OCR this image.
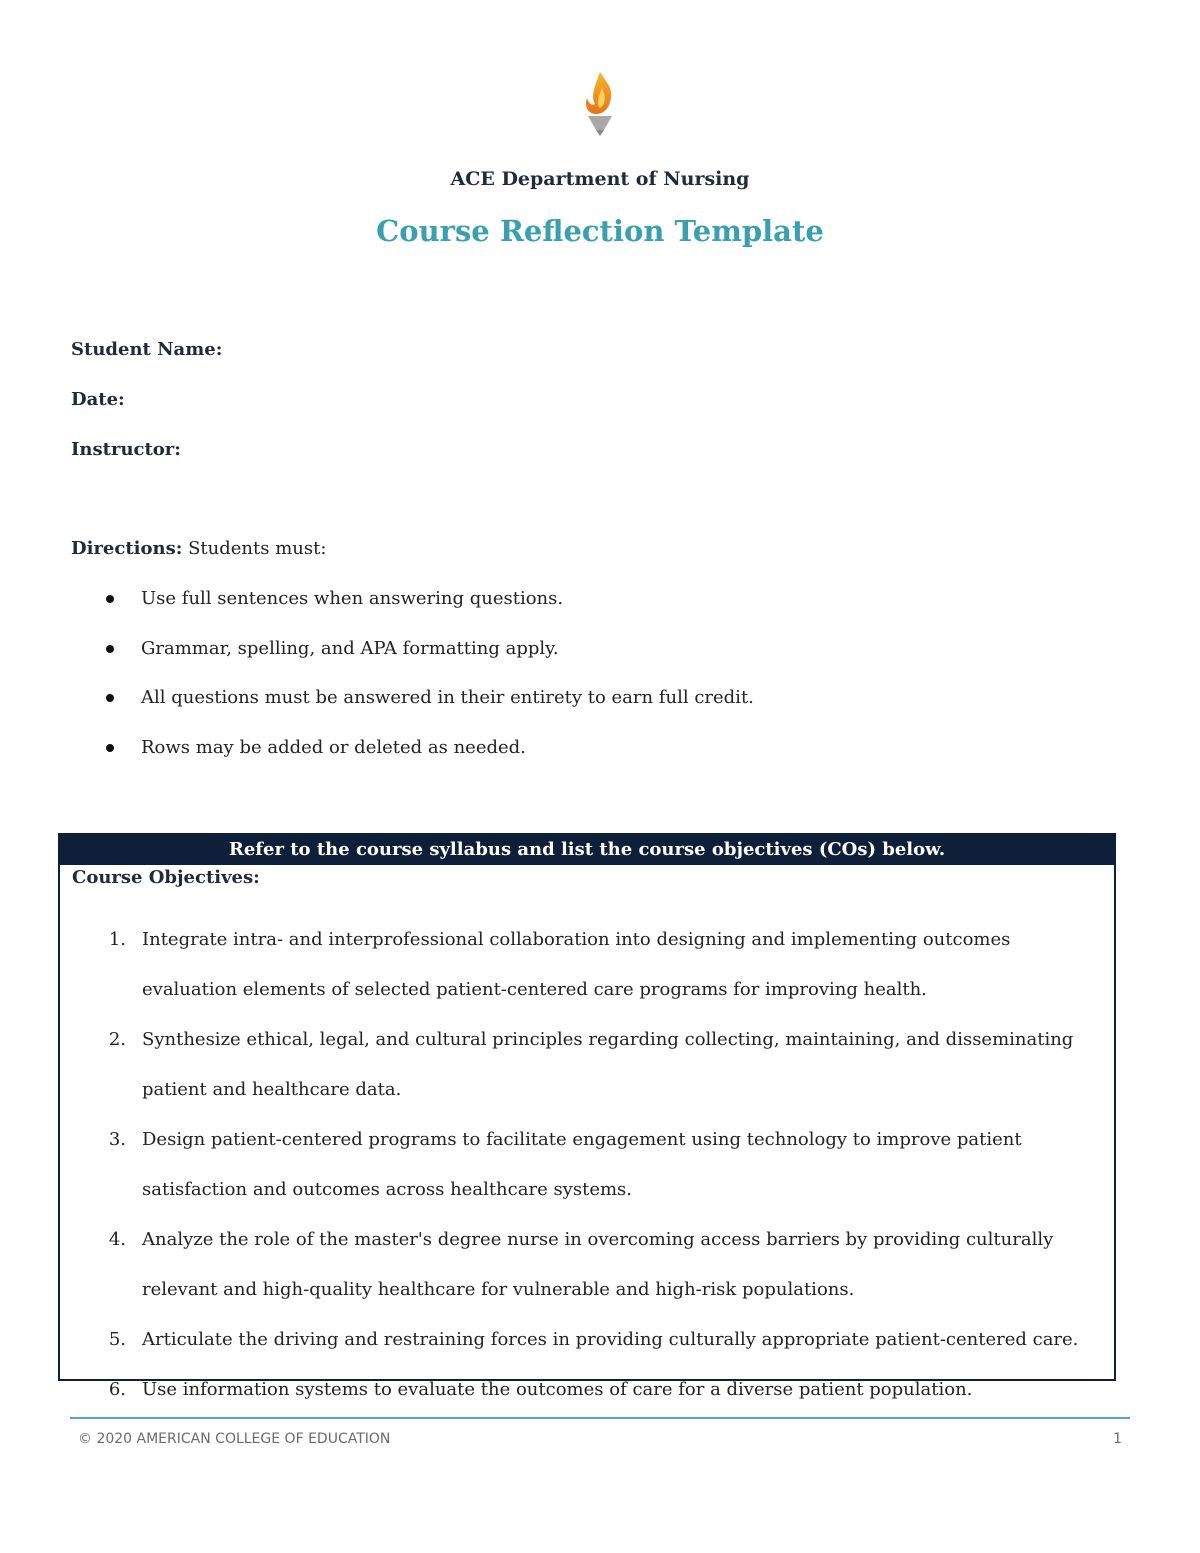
ACE Department of Nursing
Course Reflection Template
Student Name:
Date:
Instructor:
Directions: Students must:
Use full sentences when answering questions.
Grammar, spelling, and APA formatting apply.
All questions must be answered in their entirety to earn full credit.
Rows may be added or deleted as needed.
Refer to the course syllabus and list the course objectives (COs) below.
Course Objectives:
1. Integrate intra- and interprofessional collaboration into designing and implementing outcomes evaluation elements of selected patient-centered care programs for improving health.
2. Synthesize ethical, legal, and cultural principles regarding collecting, maintaining, and disseminating patient and healthcare data.
3. Design patient-centered programs to facilitate engagement using technology to improve patient satisfaction and outcomes across healthcare systems.
4. Analyze the role of the master's degree nurse in overcoming access barriers by providing culturally relevant and high-quality healthcare for vulnerable and high-risk populations.
5. Articulate the driving and restraining forces in providing culturally appropriate patient-centered care.
6. Use information systems to evaluate the outcomes of care for a diverse patient population.
© 2020 AMERICAN COLLEGE OF EDUCATION	1
